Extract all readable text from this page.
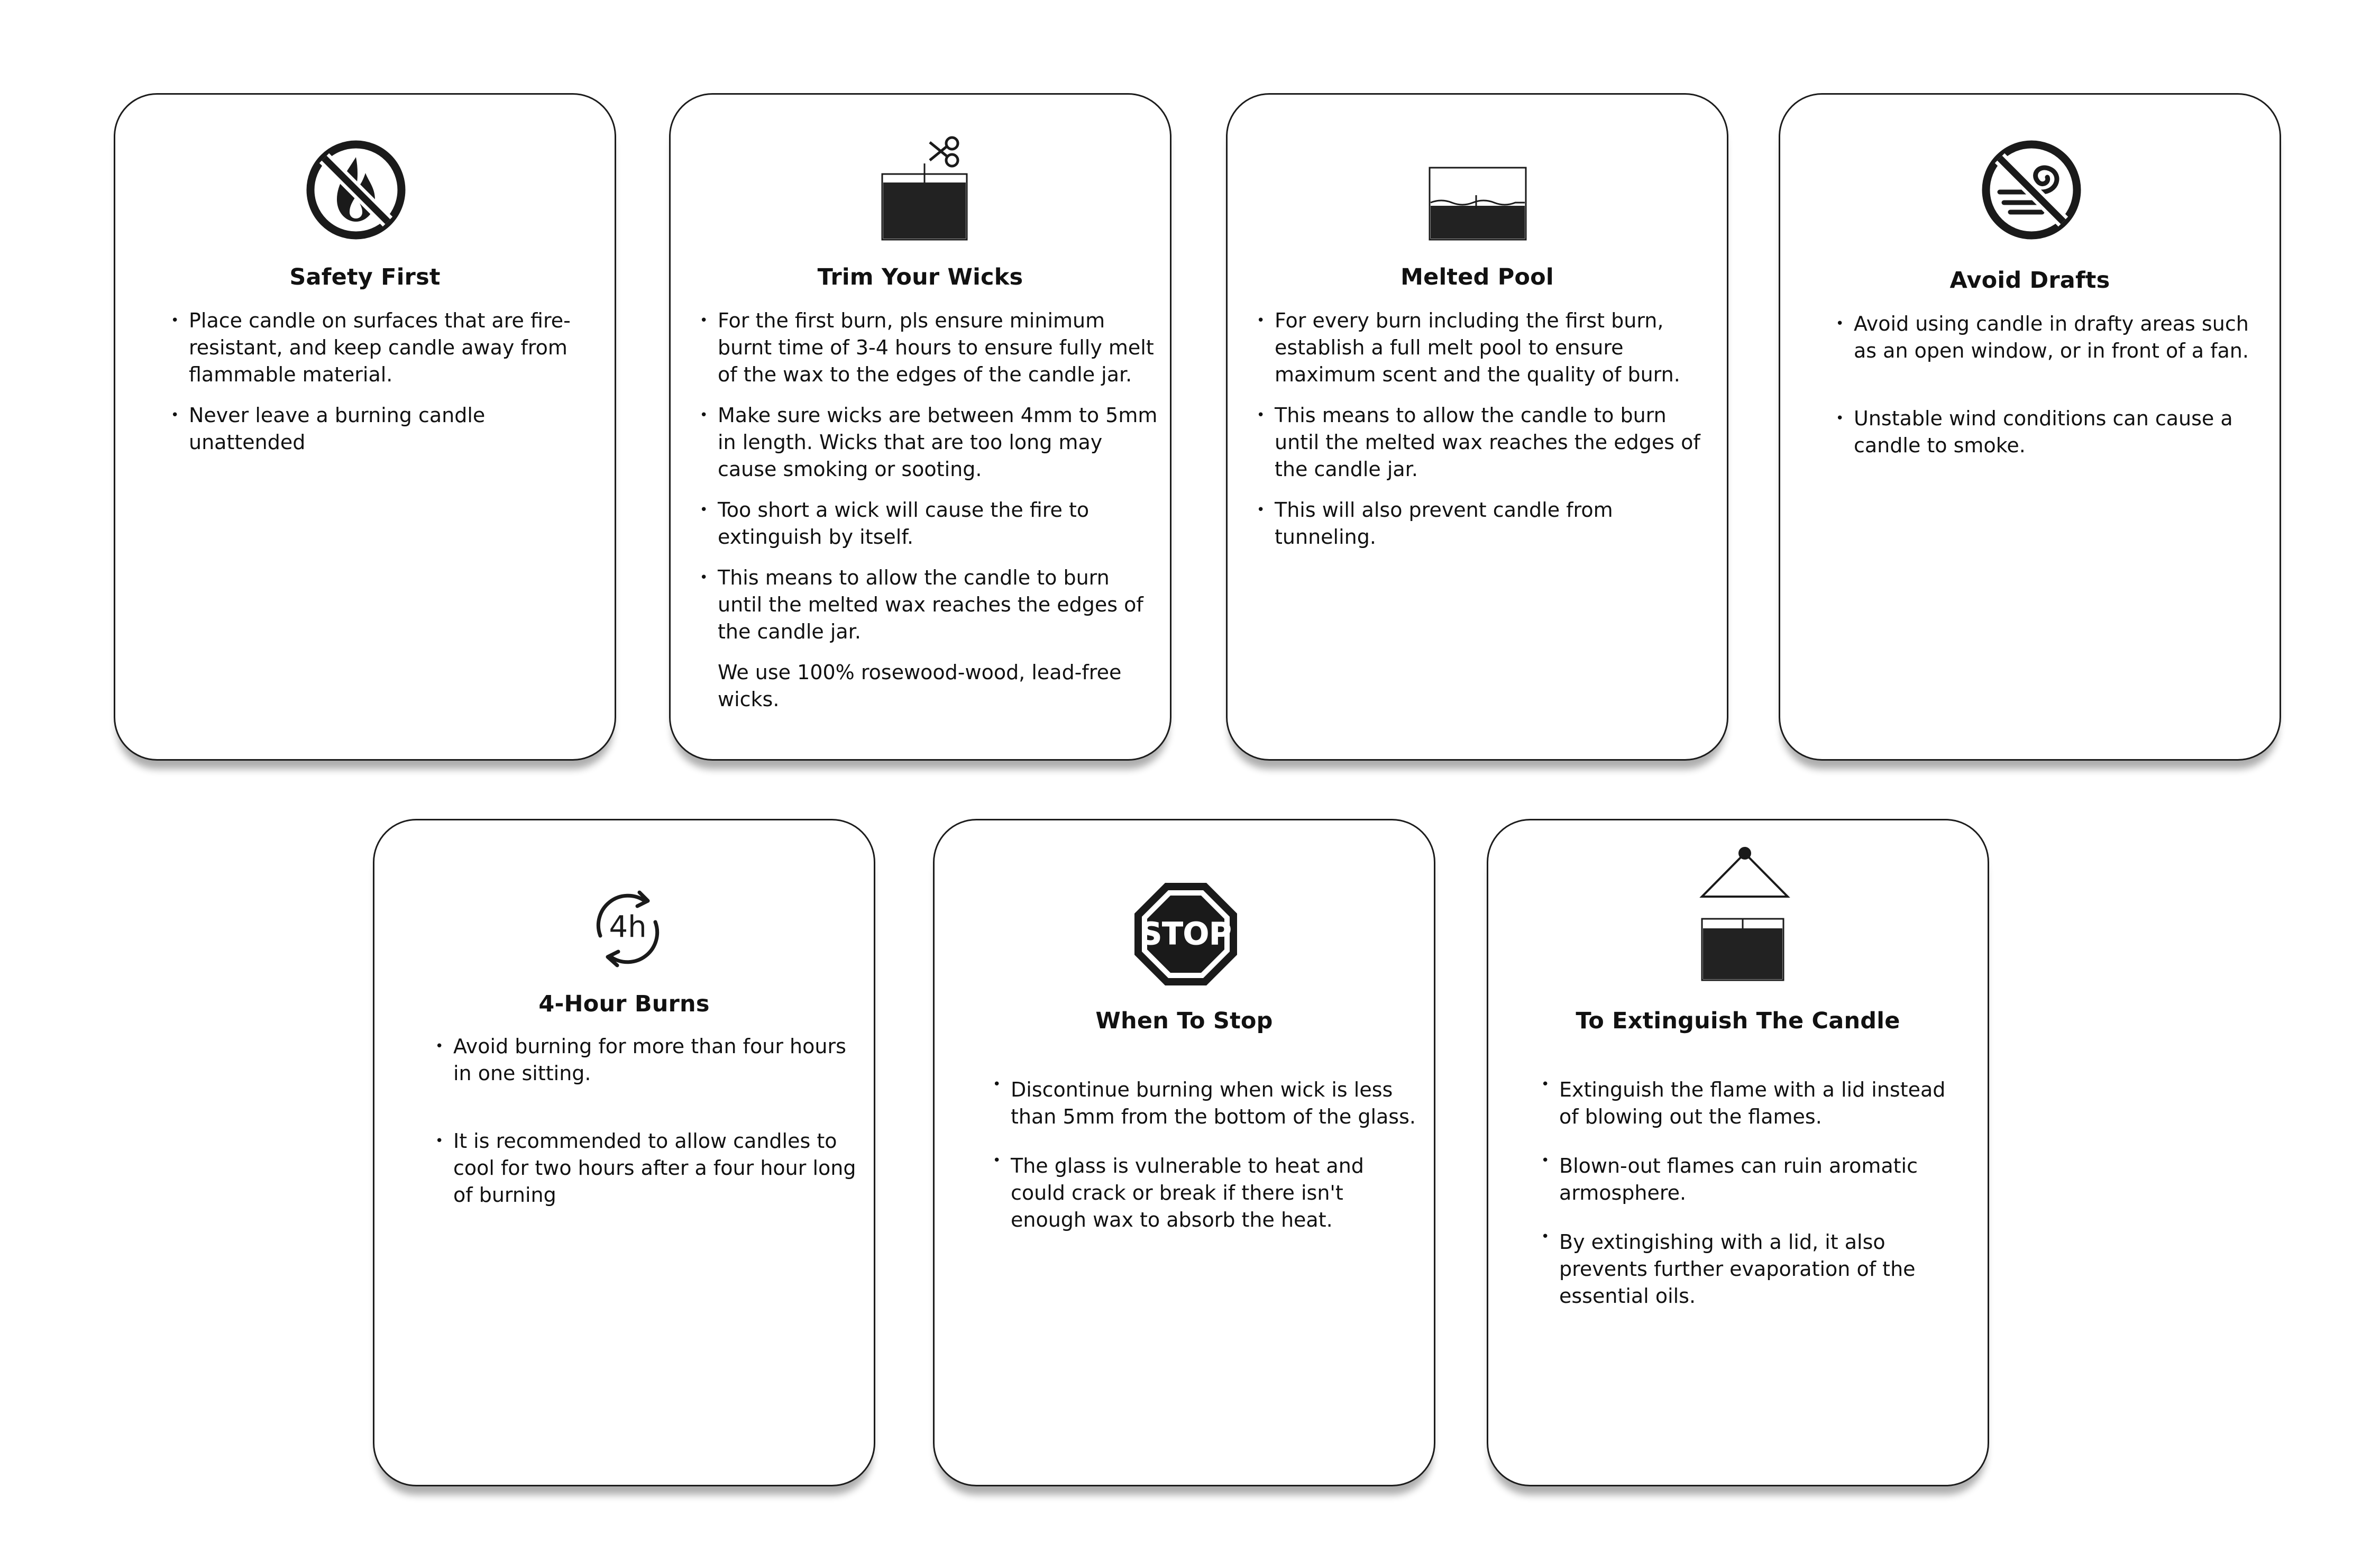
Safety First
• Place candle on surfaces that are fire-resistant, and keep candle away from flammable material.
• Never leave a burning candle unattended
Trim Your Wicks
• For the first burn, pls ensure minimum burnt time of 3-4 hours to ensure fully melt of the wax to the edges of the candle jar.
• Make sure wicks are between 4mm to 5mm in length. Wicks that are too long may cause smoking or sooting.
• Too short a wick will cause the fire to extinguish by itself.
• This means to allow the candle to burn until the melted wax reaches the edges of the candle jar.
We use 100% rosewood-wood, lead-free wicks.
Melted Pool
• For every burn including the first burn, establish a full melt pool to ensure maximum scent and the quality of burn.
• This means to allow the candle to burn until the melted wax reaches the edges of the candle jar.
• This will also prevent candle from tunneling.
Avoid Drafts
• Avoid using candle in drafty areas such as an open window, or in front of a fan.
• Unstable wind conditions can cause a candle to smoke.
4h
4-Hour Burns
• Avoid burning for more than four hours in one sitting.
• It is recommended to allow candles to cool for two hours after a four hour long of burning
STOP
When To Stop
• Discontinue burning when wick is less than 5mm from the bottom of the glass.
• The glass is vulnerable to heat and could crack or break if there isn't enough wax to absorb the heat.
To Extinguish The Candle
• Extinguish the flame with a lid instead of blowing out the flames.
• Blown-out flames can ruin aromatic armosphere.
• By extingishing with a lid, it also prevents further evaporation of the essential oils.
